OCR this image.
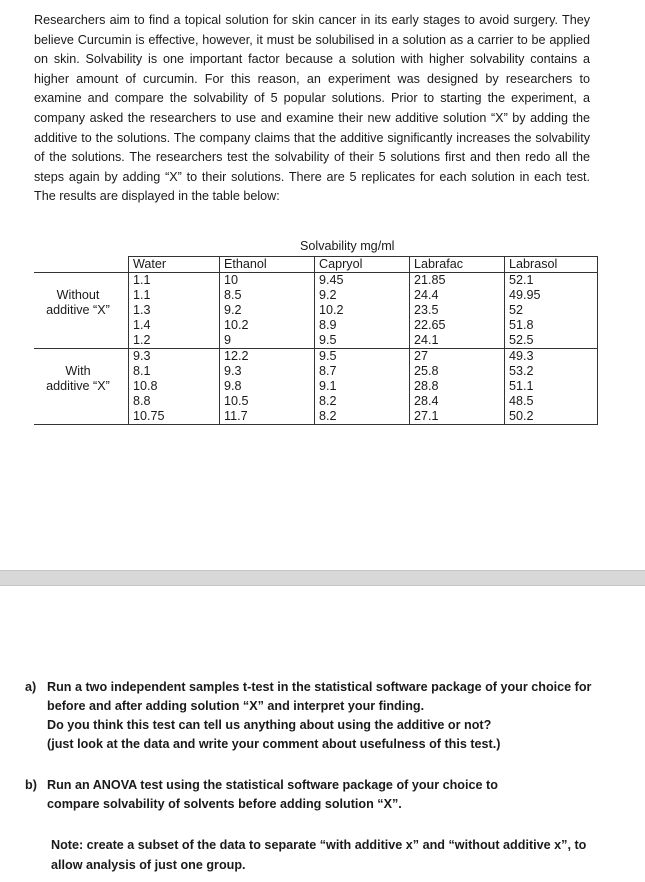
Researchers aim to find a topical solution for skin cancer in its early stages to avoid surgery. They believe Curcumin is effective, however, it must be solubilised in a solution as a carrier to be applied on skin. Solvability is one important factor because a solution with higher solvability contains a higher amount of curcumin. For this reason, an experiment was designed by researchers to examine and compare the solvability of 5 popular solutions. Prior to starting the experiment, a company asked the researchers to use and examine their new additive solution “X” by adding the additive to the solutions. The company claims that the additive significantly increases the solvability of the solutions. The researchers test the solvability of their 5 solutions first and then redo all the steps again by adding “X” to their solutions. There are 5 replicates for each solution in each test. The results are displayed in the table below:
Solvability mg/ml
	Water	Ethanol	Capryol	Labrafac	Labrasol
	1.1	10	9.45	21.85	52.1
Without	1.1	8.5	9.2	24.4	49.95
additive “X”	1.3	9.2	10.2	23.5	52
	1.4	10.2	8.9	22.65	51.8
	1.2	9	9.5	24.1	52.5
	9.3	12.2	9.5	27	49.3
With	8.1	9.3	8.7	25.8	53.2
additive “X”	10.8	9.8	9.1	28.8	51.1
	8.8	10.5	8.2	28.4	48.5
	10.75	11.7	8.2	27.1	50.2
a) Run a two independent samples t-test in the statistical software package of your choice for
before and after adding solution “X” and interpret your finding.
Do you think this test can tell us anything about using the additive or not?
(just look at the data and write your comment about usefulness of this test.)
b) Run an ANOVA test using the statistical software package of your choice to
compare solvability of solvents before adding solution “X”.
Note: create a subset of the data to separate “with additive x” and “without additive x”, to allow analysis of just one group.
